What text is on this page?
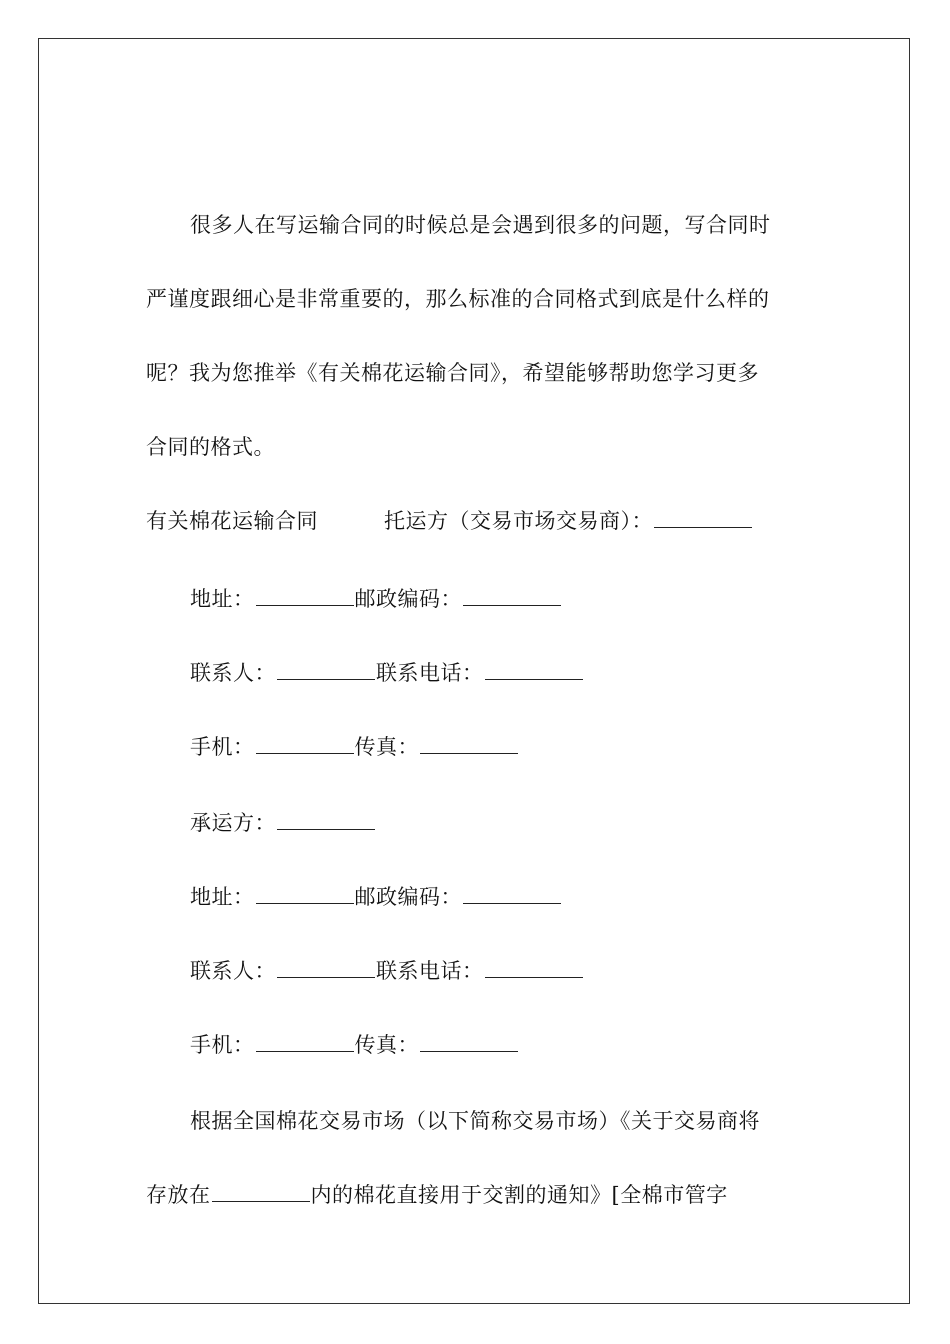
很多人在写运输合同的时候总是会遇到很多的问题，写合同时
严谨度跟细心是非常重要的，那么标准的合同格式到底是什么样的
呢？我为您推举《有关棉花运输合同》，希望能够帮助您学习更多
合同的格式。
有关棉花运输合同	托运方（交易市场交易商）：
地址：	邮政编码：
联系人：	联系电话：
手机：	传真：
承运方：
地址：	邮政编码：
联系人：	联系电话：
手机：	传真：
根据全国棉花交易市场（以下简称交易市场）《关于交易商将
存放在	内的棉花直接用于交割的通知》[全棉市管字
